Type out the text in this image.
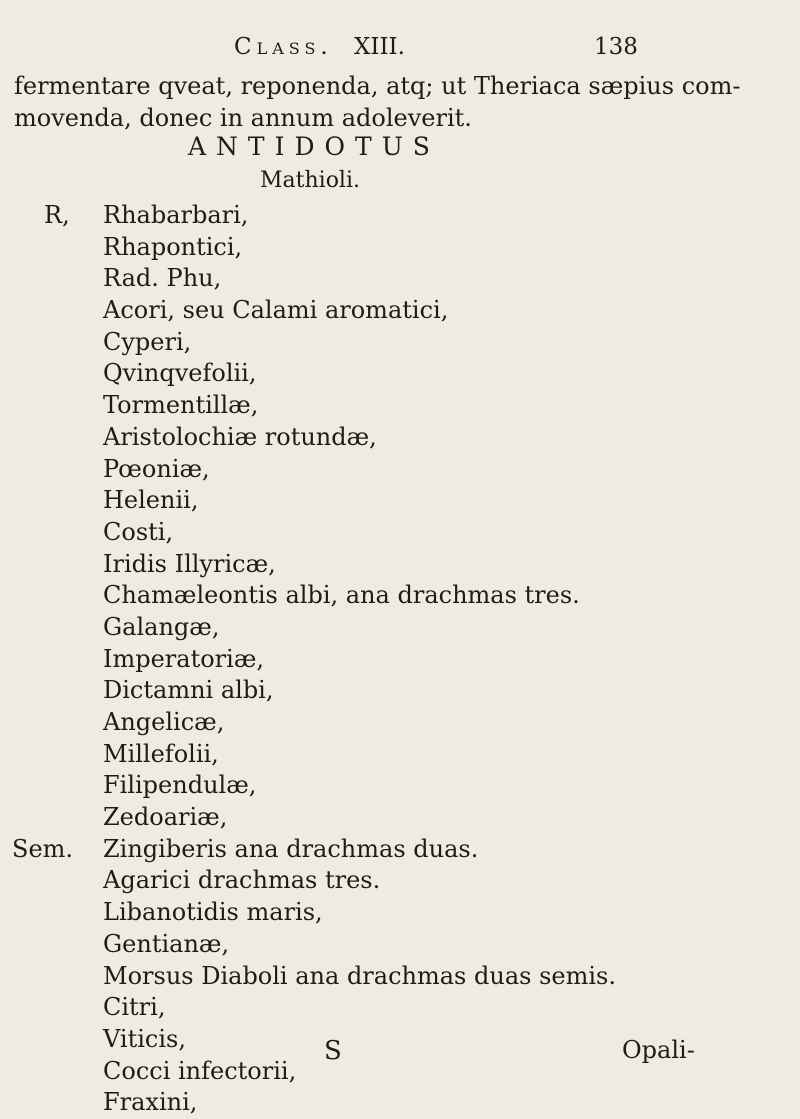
Class. XIII.	138
fermentare qveat, reponenda, atq; ut Theriaca sæpius com-
movenda, donec in annum adoleverit.
ANTIDOTUS
Mathioli.
R,
Sem.
Rhabarbari,
Rhapontici,
Rad. Phu,
Acori, seu Calami aromatici,
Cyperi,
Qvinqvefolii,
Tormentillæ,
Aristolochiæ rotundæ,
Pœoniæ,
Helenii,
Costi,
Iridis Illyricæ,
Chamæleontis albi, ana drachmas tres.
Galangæ,
Imperatoriæ,
Dictamni albi,
Angelicæ,
Millefolii,
Filipendulæ,
Zedoariæ,
Zingiberis ana drachmas duas.
Agarici drachmas tres.
Libanotidis maris,
Gentianæ,
Morsus Diaboli ana drachmas duas semis.
Citri,
Viticis,
Cocci infectorii,
Fraxini,
S	Opali-
